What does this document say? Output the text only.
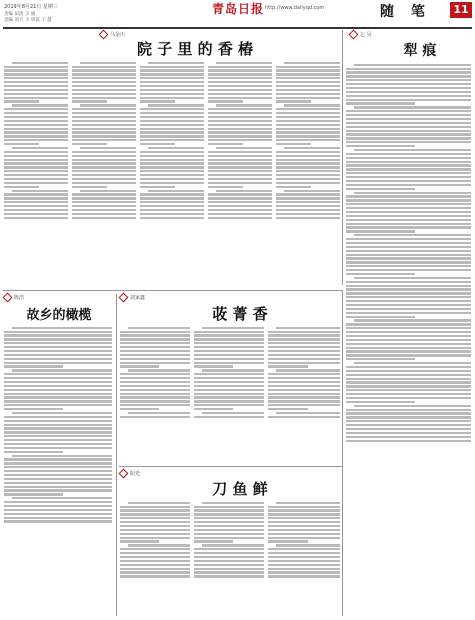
2019年8月21日 星期三	青岛日报 http://www.dailyqd.com
责编 田清 王 旗
美编 刘天 王 审读 王 慧
随 笔	11
马金庆
院 子 里 的 香 椿
乞 吴
犁 痕
陈浩
故乡的橄榄
刘家鑫
荍 菁 香
阳光
刀 鱼 鲜
